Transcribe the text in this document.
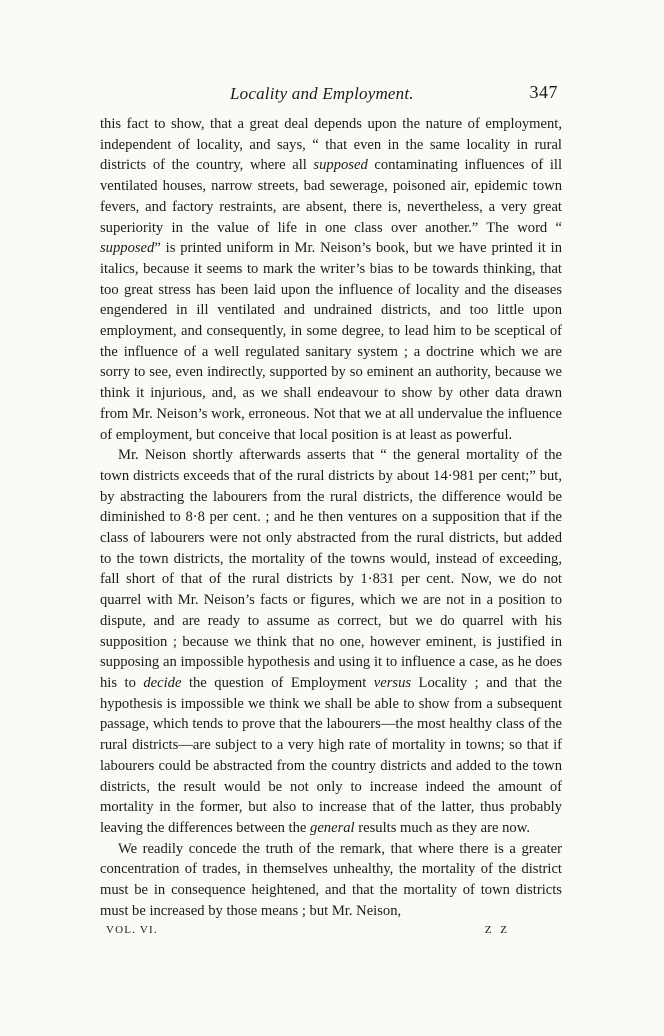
Locality and Employment.	347

this fact to show, that a great deal depends upon the nature of employment, independent of locality, and says, “ that even in the same locality in rural districts of the country, where all supposed contaminating influences of ill ventilated houses, narrow streets, bad sewerage, poisoned air, epidemic town fevers, and factory restraints, are absent, there is, nevertheless, a very great superiority in the value of life in one class over another.” The word “ supposed” is printed uniform in Mr. Neison’s book, but we have printed it in italics, because it seems to mark the writer’s bias to be towards thinking, that too great stress has been laid upon the influence of locality and the diseases engendered in ill ventilated and undrained districts, and too little upon employment, and consequently, in some degree, to lead him to be sceptical of the influence of a well regulated sanitary system ; a doctrine which we are sorry to see, even indirectly, supported by so eminent an authority, because we think it injurious, and, as we shall endeavour to show by other data drawn from Mr. Neison’s work, erroneous. Not that we at all undervalue the influence of employment, but conceive that local position is at least as powerful.

Mr. Neison shortly afterwards asserts that “ the general mortality of the town districts exceeds that of the rural districts by about 14·981 per cent;” but, by abstracting the labourers from the rural districts, the difference would be diminished to 8·8 per cent. ; and he then ventures on a supposition that if the class of labourers were not only abstracted from the rural districts, but added to the town districts, the mortality of the towns would, instead of exceeding, fall short of that of the rural districts by 1·831 per cent. Now, we do not quarrel with Mr. Neison’s facts or figures, which we are not in a position to dispute, and are ready to assume as correct, but we do quarrel with his supposition ; because we think that no one, however eminent, is justified in supposing an impossible hypothesis and using it to influence a case, as he does his to decide the question of Employment versus Locality ; and that the hypothesis is impossible we think we shall be able to show from a subsequent passage, which tends to prove that the labourers—the most healthy class of the rural districts—are subject to a very high rate of mortality in towns; so that if labourers could be abstracted from the country districts and added to the town districts, the result would be not only to increase indeed the amount of mortality in the former, but also to increase that of the latter, thus probably leaving the differences between the general results much as they are now.

We readily concede the truth of the remark, that where there is a greater concentration of trades, in themselves unhealthy, the mortality of the district must be in consequence heightened, and that the mortality of town districts must be increased by those means ; but Mr. Neison,

VOL. VI.	Z Z
